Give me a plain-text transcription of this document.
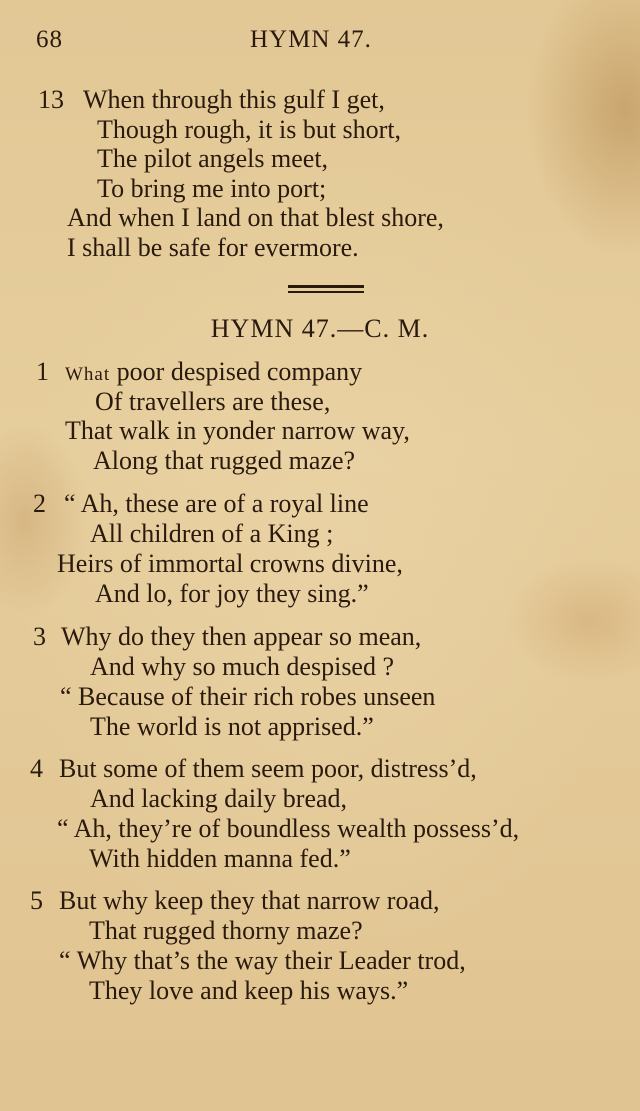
68	HYMN 47.
13 When through this gulf I get,
Though rough, it is but short,
The pilot angels meet,
To bring me into port;
And when I land on that blest shore,
I shall be safe for evermore.
HYMN 47.—C. M.
1 What poor despised company
Of travellers are these,
That walk in yonder narrow way,
Along that rugged maze?
2 “ Ah, these are of a royal line
All children of a King ;
Heirs of immortal crowns divine,
And lo, for joy they sing.”
3 Why do they then appear so mean,
And why so much despised ?
“ Because of their rich robes unseen
The world is not apprised.”
4 But some of them seem poor, distress’d,
And lacking daily bread,
“ Ah, they’re of boundless wealth possess’d,
With hidden manna fed.”
5 But why keep they that narrow road,
That rugged thorny maze?
“ Why that’s the way their Leader trod,
They love and keep his ways.”
